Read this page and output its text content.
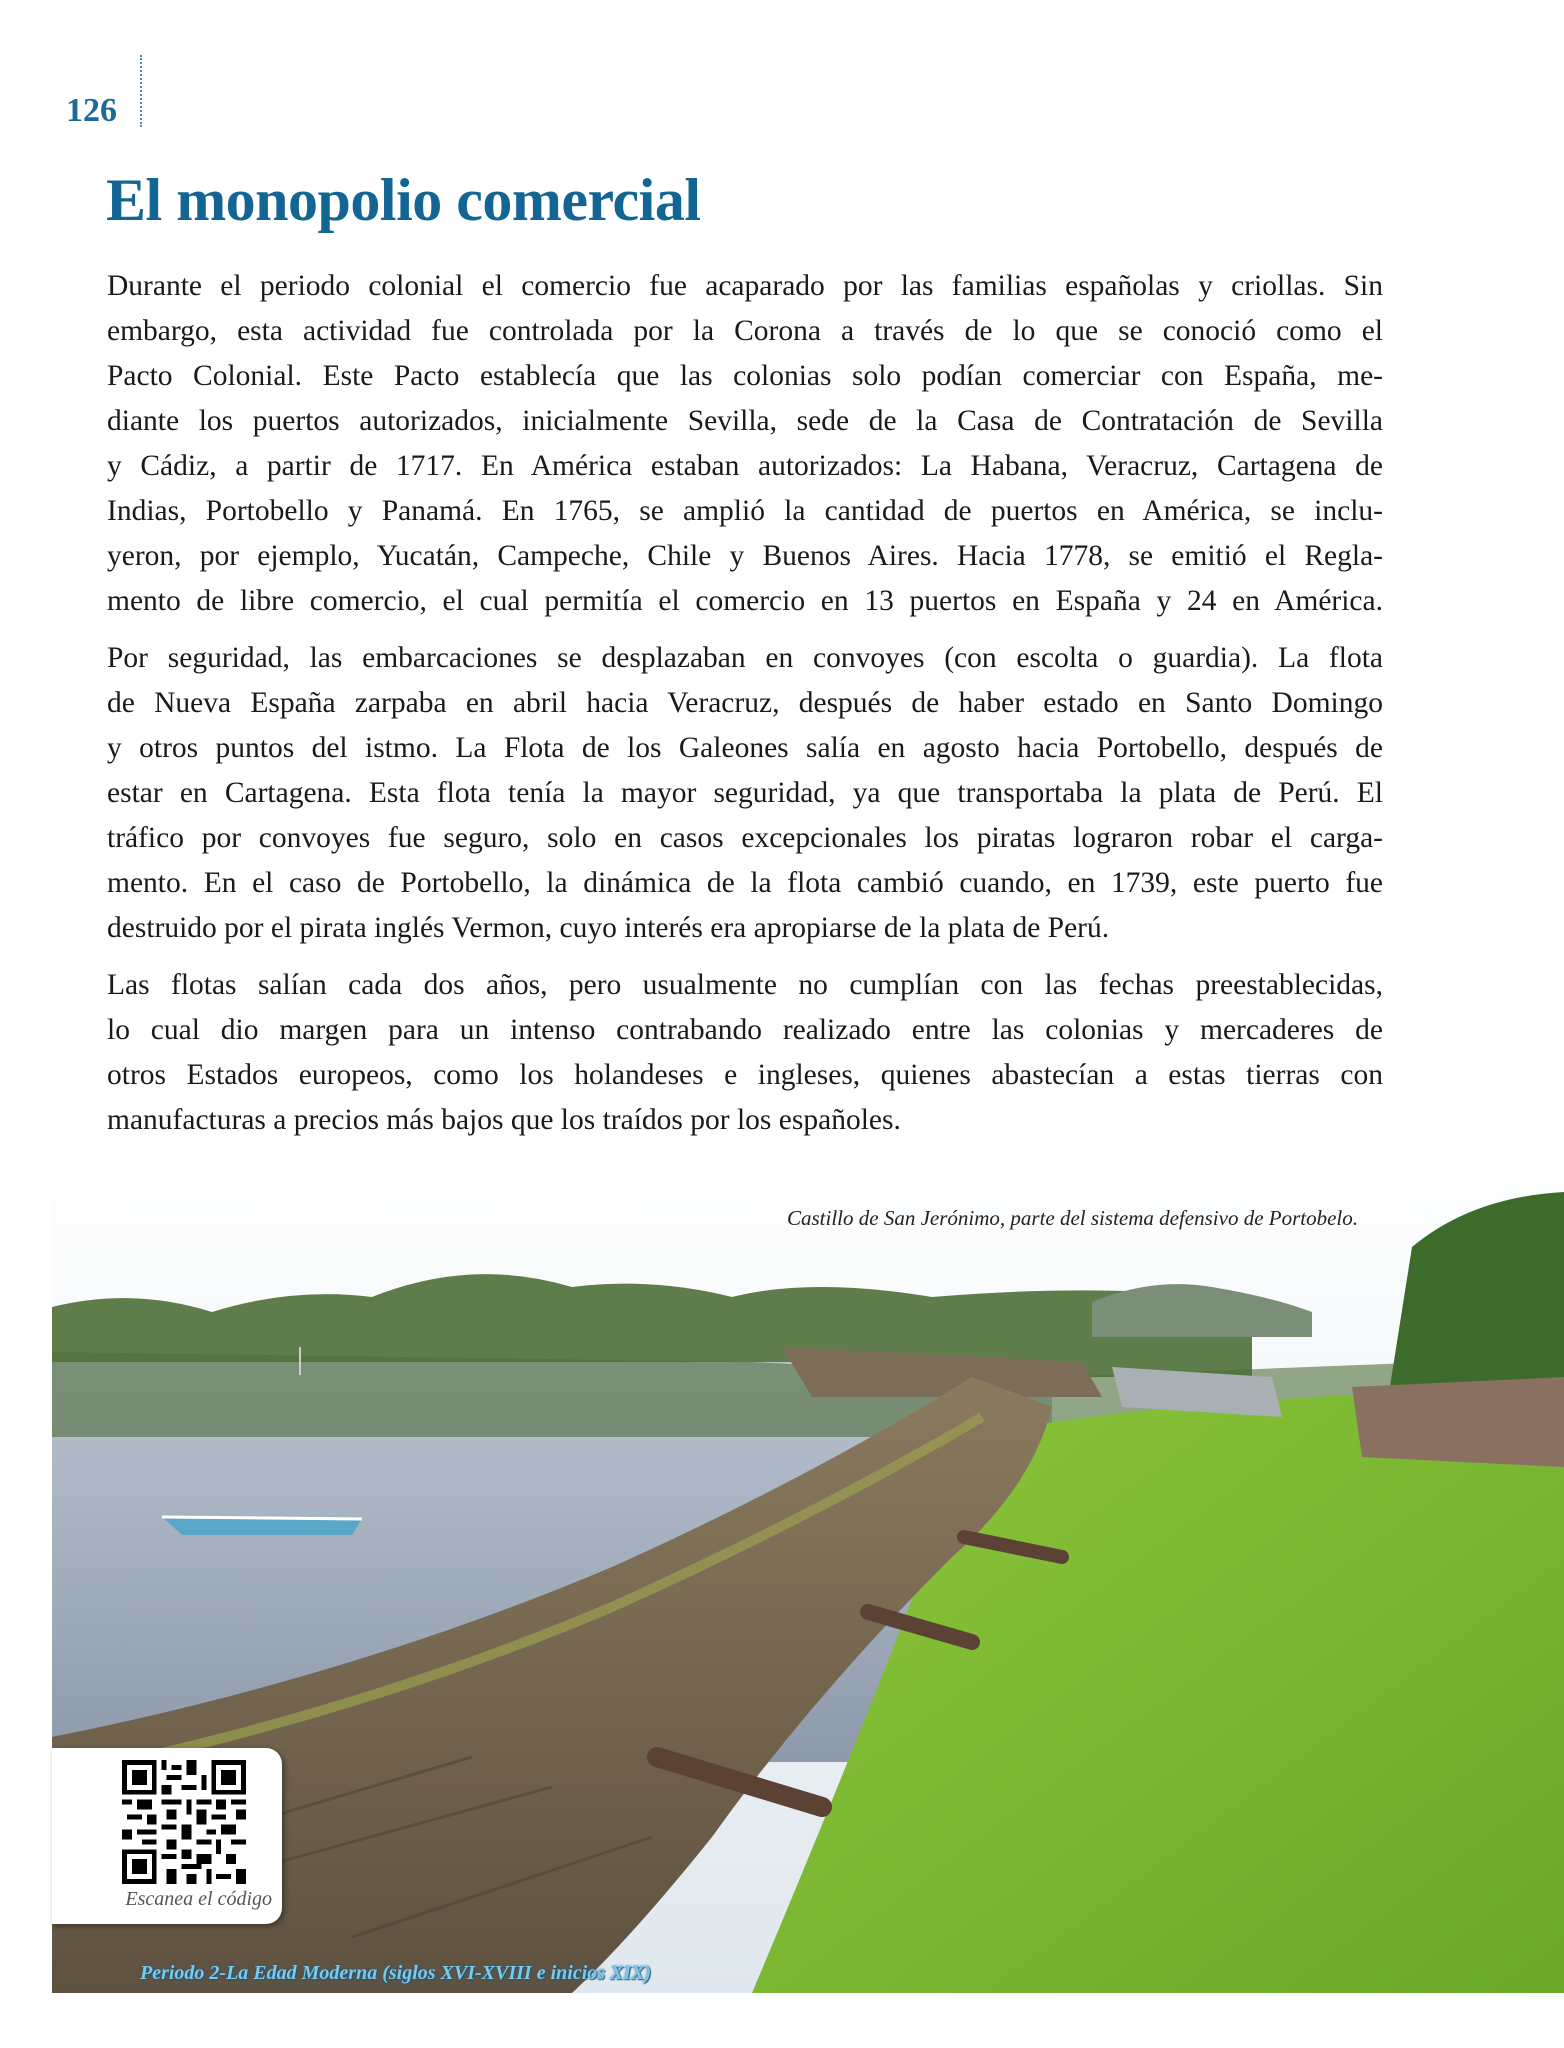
126
El monopolio comercial

Durante el periodo colonial el comercio fue acaparado por las familias españolas y criollas. Sin
embargo, esta actividad fue controlada por la Corona a través de lo que se conoció como el
Pacto Colonial. Este Pacto establecía que las colonias solo podían comerciar con España, me-
diante los puertos autorizados, inicialmente Sevilla, sede de la Casa de Contratación de Sevilla
y Cádiz, a partir de 1717. En América estaban autorizados: La Habana, Veracruz, Cartagena de
Indias, Portobello y Panamá. En 1765, se amplió la cantidad de puertos en América, se inclu-
yeron, por ejemplo, Yucatán, Campeche, Chile y Buenos Aires. Hacia 1778, se emitió el Regla-
mento de libre comercio, el cual permitía el comercio en 13 puertos en España y 24 en América.

Por seguridad, las embarcaciones se desplazaban en convoyes (con escolta o guardia). La flota
de Nueva España zarpaba en abril hacia Veracruz, después de haber estado en Santo Domingo
y otros puntos del istmo. La Flota de los Galeones salía en agosto hacia Portobello, después de
estar en Cartagena. Esta flota tenía la mayor seguridad, ya que transportaba la plata de Perú. El
tráfico por convoyes fue seguro, solo en casos excepcionales los piratas lograron robar el carga-
mento. En el caso de Portobello, la dinámica de la flota cambió cuando, en 1739, este puerto fue
destruido por el pirata inglés Vermon, cuyo interés era apropiarse de la plata de Perú.

Las flotas salían cada dos años, pero usualmente no cumplían con las fechas preestablecidas,
lo cual dio margen para un intenso contrabando realizado entre las colonias y mercaderes de
otros Estados europeos, como los holandeses e ingleses, quienes abastecían a estas tierras con
manufacturas a precios más bajos que los traídos por los españoles.

Castillo de San Jerónimo, parte del sistema defensivo de Portobelo.
Escanea el código
Periodo 2-La Edad Moderna (siglos XVI-XVIII e inicios XIX)
